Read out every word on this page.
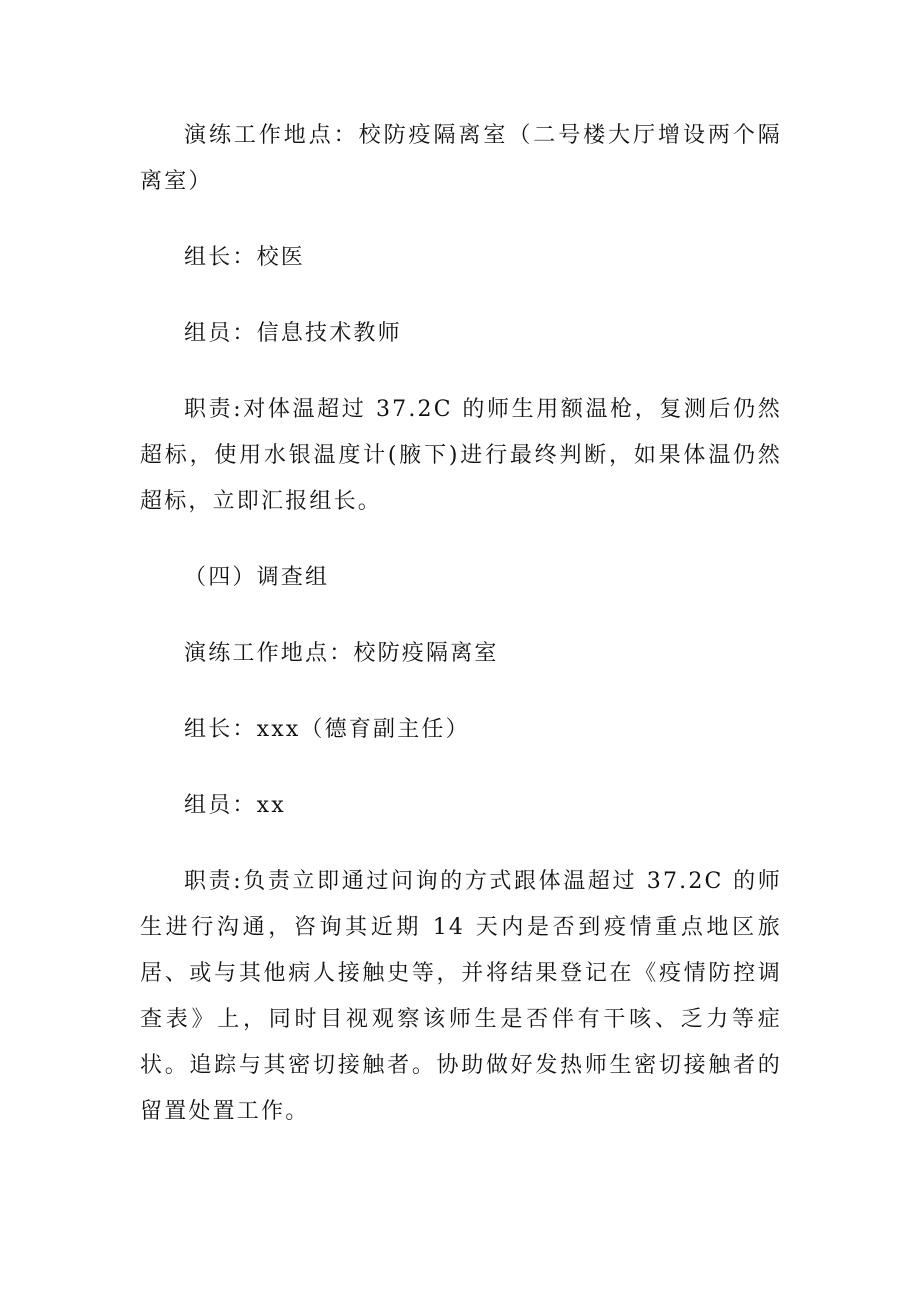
演练工作地点：校防疫隔离室（二号楼大厅增设两个隔离室）

组长：校医

组员：信息技术教师

职责:对体温超过 37.2C 的师生用额温枪，复测后仍然超标，使用水银温度计(腋下)进行最终判断，如果体温仍然超标，立即汇报组长。

（四）调查组

演练工作地点：校防疫隔离室

组长：xxx（德育副主任）

组员：xx

职责:负责立即通过问询的方式跟体温超过 37.2C 的师生进行沟通，咨询其近期 14 天内是否到疫情重点地区旅居、或与其他病人接触史等，并将结果登记在《疫情防控调查表》上，同时目视观察该师生是否伴有干咳、乏力等症状。追踪与其密切接触者。协助做好发热师生密切接触者的留置处置工作。
